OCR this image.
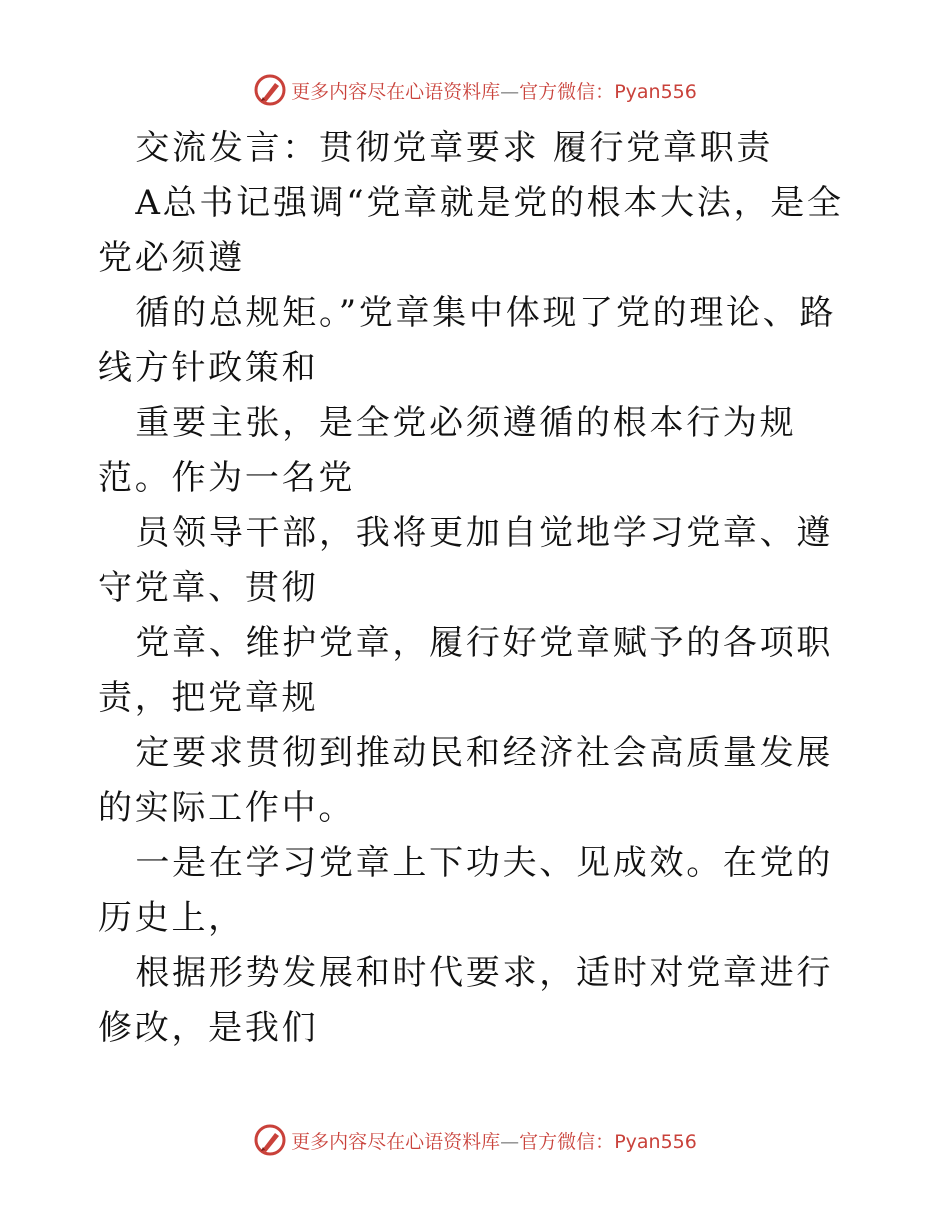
更多内容尽在心语资料库—官方微信：Pyan556

交流发言：贯彻党章要求 履行党章职责

A总书记强调“党章就是党的根本大法，是全党必须遵

循的总规矩。”党章集中体现了党的理论、路线方针政策和

重要主张，是全党必须遵循的根本行为规范。作为一名党

员领导干部，我将更加自觉地学习党章、遵守党章、贯彻

党章、维护党章，履行好党章赋予的各项职责，把党章规

定要求贯彻到推动民和经济社会高质量发展的实际工作中。

一是在学习党章上下功夫、见成效。在党的历史上，

根据形势发展和时代要求，适时对党章进行修改，是我们

更多内容尽在心语资料库—官方微信：Pyan556
